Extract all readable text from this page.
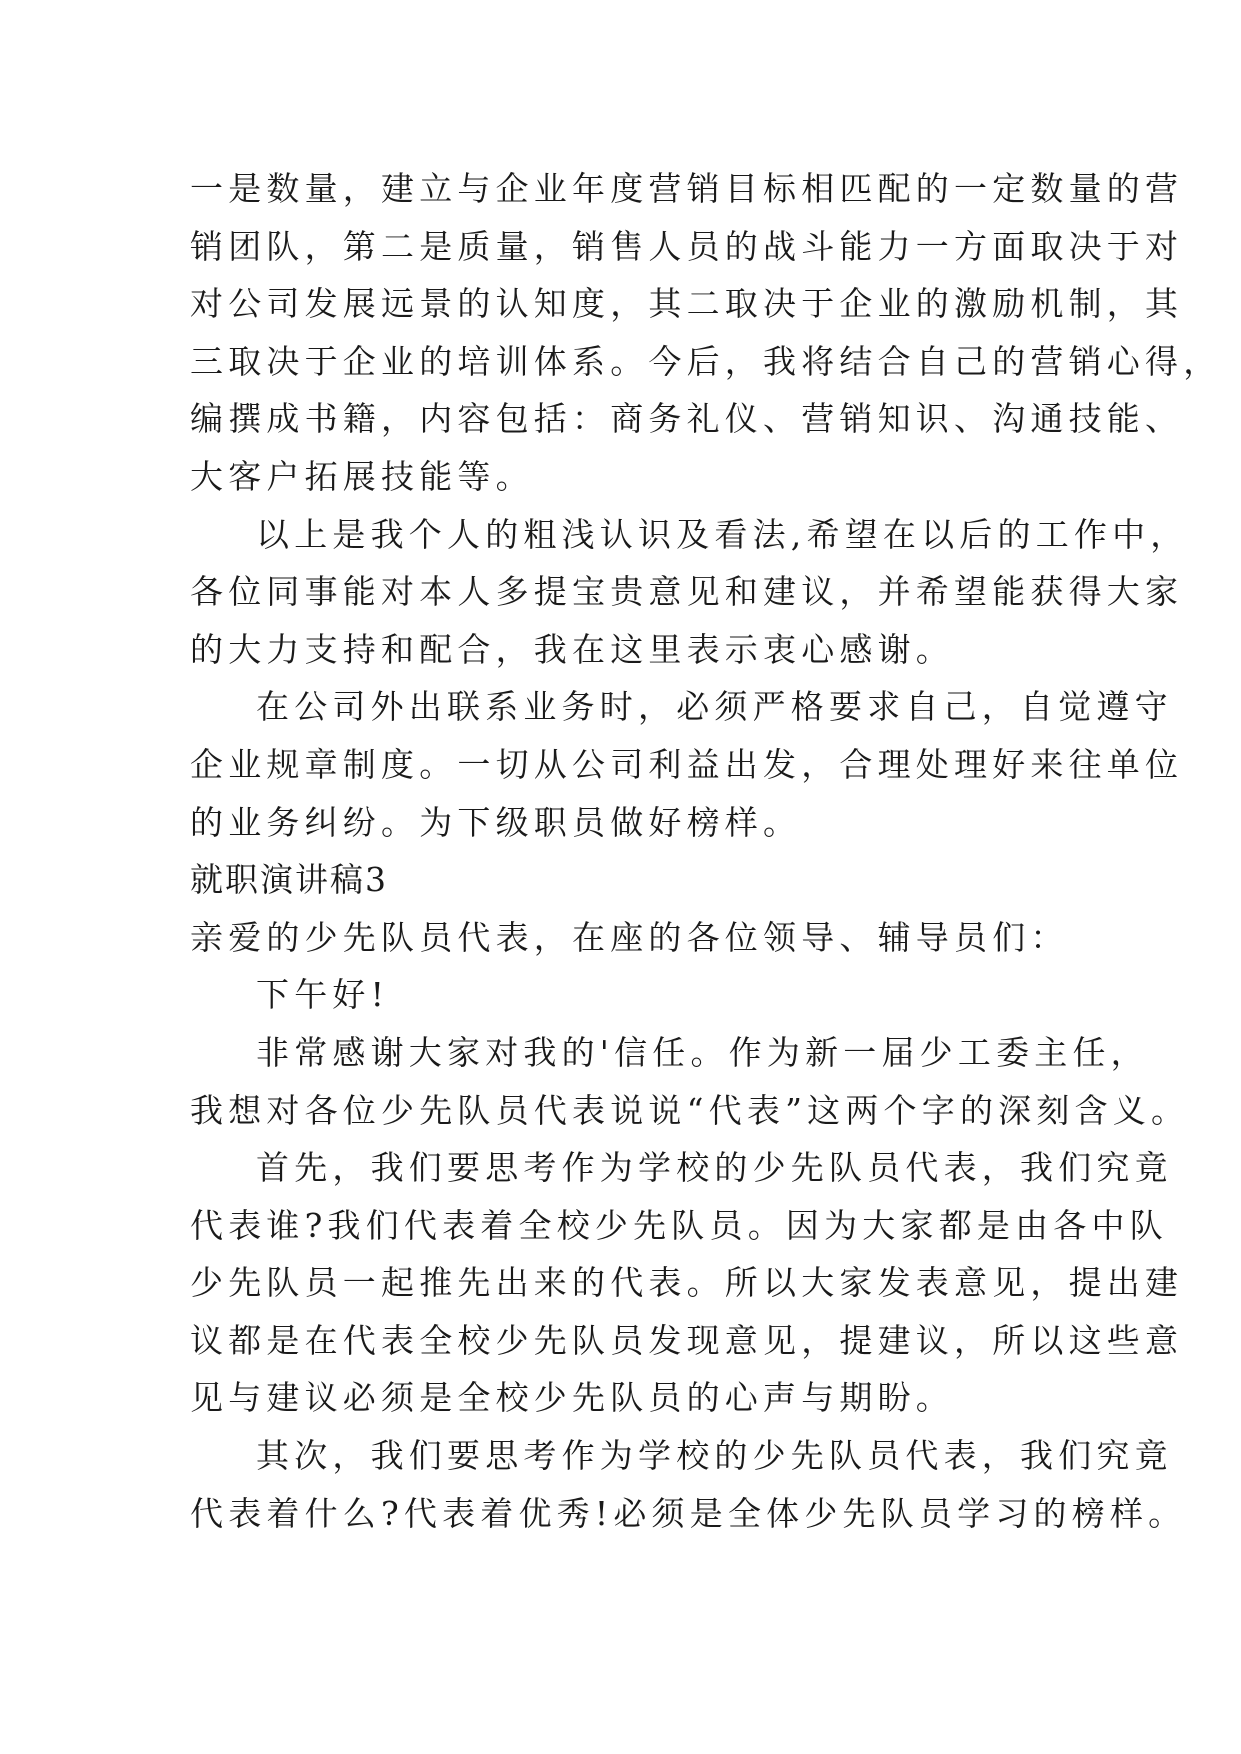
一是数量，建立与企业年度营销目标相匹配的一定数量的营
销团队，第二是质量，销售人员的战斗能力一方面取决于对
对公司发展远景的认知度，其二取决于企业的激励机制，其
三取决于企业的培训体系。今后，我将结合自己的营销心得，
编撰成书籍，内容包括：商务礼仪、营销知识、沟通技能、
大客户拓展技能等。
以上是我个人的粗浅认识及看法,希望在以后的工作中，
各位同事能对本人多提宝贵意见和建议，并希望能获得大家
的大力支持和配合，我在这里表示衷心感谢。
在公司外出联系业务时，必须严格要求自己，自觉遵守
企业规章制度。一切从公司利益出发，合理处理好来往单位
的业务纠纷。为下级职员做好榜样。
就职演讲稿3
亲爱的少先队员代表，在座的各位领导、辅导员们：
下午好!
非常感谢大家对我的'信任。作为新一届少工委主任，
我想对各位少先队员代表说说“代表”这两个字的深刻含义。
首先，我们要思考作为学校的少先队员代表，我们究竟
代表谁?我们代表着全校少先队员。因为大家都是由各中队
少先队员一起推先出来的代表。所以大家发表意见，提出建
议都是在代表全校少先队员发现意见，提建议，所以这些意
见与建议必须是全校少先队员的心声与期盼。
其次，我们要思考作为学校的少先队员代表，我们究竟
代表着什么?代表着优秀!必须是全体少先队员学习的榜样。
